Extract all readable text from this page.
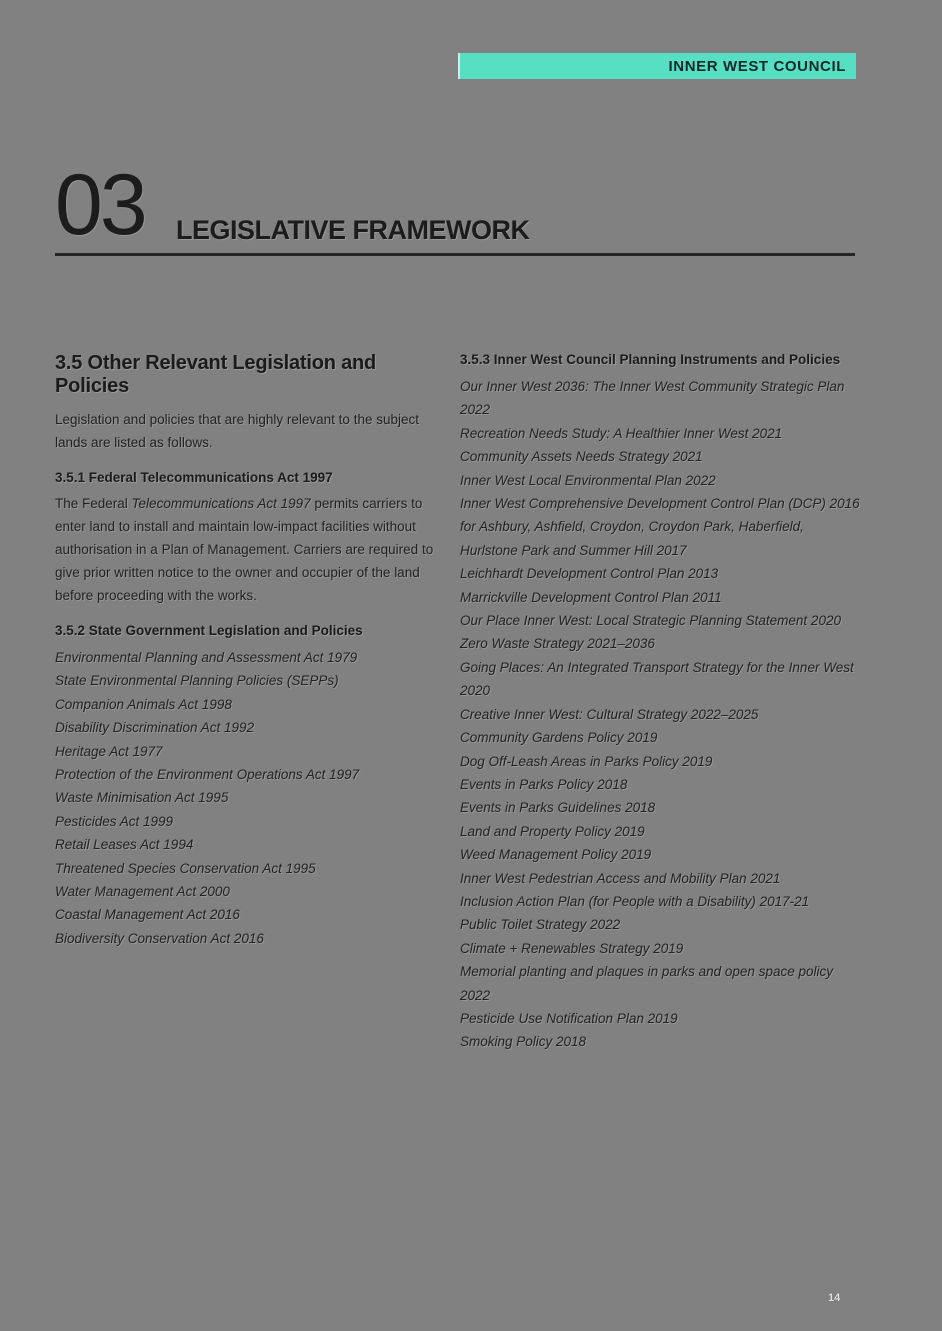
INNER WEST COUNCIL
03 LEGISLATIVE FRAMEWORK
3.5 Other Relevant Legislation and Policies

Legislation and policies that are highly relevant to the subject lands are listed as follows.

3.5.1 Federal Telecommunications Act 1997

The Federal Telecommunications Act 1997 permits carriers to enter land to install and maintain low-impact facilities without authorisation in a Plan of Management. Carriers are required to give prior written notice to the owner and occupier of the land before proceeding with the works.

3.5.2 State Government Legislation and Policies
Environmental Planning and Assessment Act 1979
State Environmental Planning Policies (SEPPs)
Companion Animals Act 1998
Disability Discrimination Act 1992
Heritage Act 1977
Protection of the Environment Operations Act 1997
Waste Minimisation Act 1995
Pesticides Act 1999
Retail Leases Act 1994
Threatened Species Conservation Act 1995
Water Management Act 2000
Coastal Management Act 2016
Biodiversity Conservation Act 2016
3.5.3 Inner West Council Planning Instruments and Policies
Our Inner West 2036: The Inner West Community Strategic Plan 2022
Recreation Needs Study: A Healthier Inner West 2021
Community Assets Needs Strategy 2021
Inner West Local Environmental Plan 2022
Inner West Comprehensive Development Control Plan (DCP) 2016 for Ashbury, Ashfield, Croydon, Croydon Park, Haberfield, Hurlstone Park and Summer Hill 2017
Leichhardt Development Control Plan 2013
Marrickville Development Control Plan 2011
Our Place Inner West: Local Strategic Planning Statement 2020
Zero Waste Strategy 2021–2036
Going Places: An Integrated Transport Strategy for the Inner West 2020
Creative Inner West: Cultural Strategy 2022–2025
Community Gardens Policy 2019
Dog Off-Leash Areas in Parks Policy 2019
Events in Parks Policy 2018
Events in Parks Guidelines 2018
Land and Property Policy 2019
Weed Management Policy 2019
Inner West Pedestrian Access and Mobility Plan 2021
Inclusion Action Plan (for People with a Disability) 2017-21
Public Toilet Strategy 2022
Climate + Renewables Strategy 2019
Memorial planting and plaques in parks and open space policy 2022
Pesticide Use Notification Plan 2019
Smoking Policy 2018
14
